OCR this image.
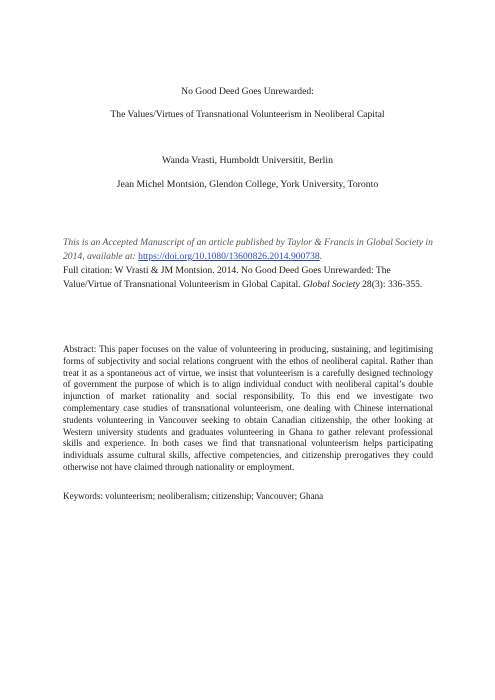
No Good Deed Goes Unrewarded:
The Values/Virtues of Transnational Volunteerism in Neoliberal Capital
Wanda Vrasti, Humboldt Universitit, Berlin
Jean Michel Montsion, Glendon College, York University, Toronto
This is an Accepted Manuscript of an article published by Taylor & Francis in Global Society in 2014, available at: https://doi.org/10.1080/13600826.2014.900738.
Full citation: W Vrasti & JM Montsion. 2014. No Good Deed Goes Unrewarded: The Value/Virtue of Transnational Volunteerism in Global Capital. Global Society 28(3): 336-355.
Abstract: This paper focuses on the value of volunteering in producing, sustaining, and legitimising forms of subjectivity and social relations congruent with the ethos of neoliberal capital. Rather than treat it as a spontaneous act of virtue, we insist that volunteerism is a carefully designed technology of government the purpose of which is to align individual conduct with neoliberal capital’s double injunction of market rationality and social responsibility. To this end we investigate two complementary case studies of transnational volunteerism, one dealing with Chinese international students volunteering in Vancouver seeking to obtain Canadian citizenship, the other looking at Western university students and graduates volunteering in Ghana to gather relevant professional skills and experience. In both cases we find that transnational volunteerism helps participating individuals assume cultural skills, affective competencies, and citizenship prerogatives they could otherwise not have claimed through nationality or employment.
Keywords: volunteerism; neoliberalism; citizenship; Vancouver; Ghana
